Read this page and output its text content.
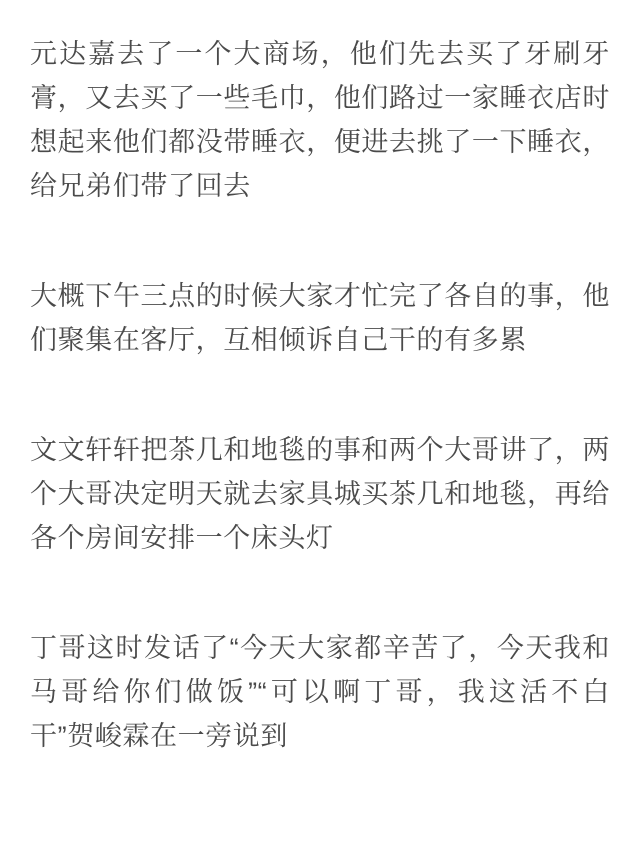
元达嘉去了一个大商场，他们先去买了牙刷牙膏，又去买了一些毛巾，他们路过一家睡衣店时想起来他们都没带睡衣，便进去挑了一下睡衣，给兄弟们带了回去

大概下午三点的时候大家才忙完了各自的事，他们聚集在客厅，互相倾诉自己干的有多累

文文轩轩把茶几和地毯的事和两个大哥讲了，两个大哥决定明天就去家具城买茶几和地毯，再给各个房间安排一个床头灯

丁哥这时发话了“今天大家都辛苦了，今天我和马哥给你们做饭”“可以啊丁哥，我这活不白干”贺峻霖在一旁说到
